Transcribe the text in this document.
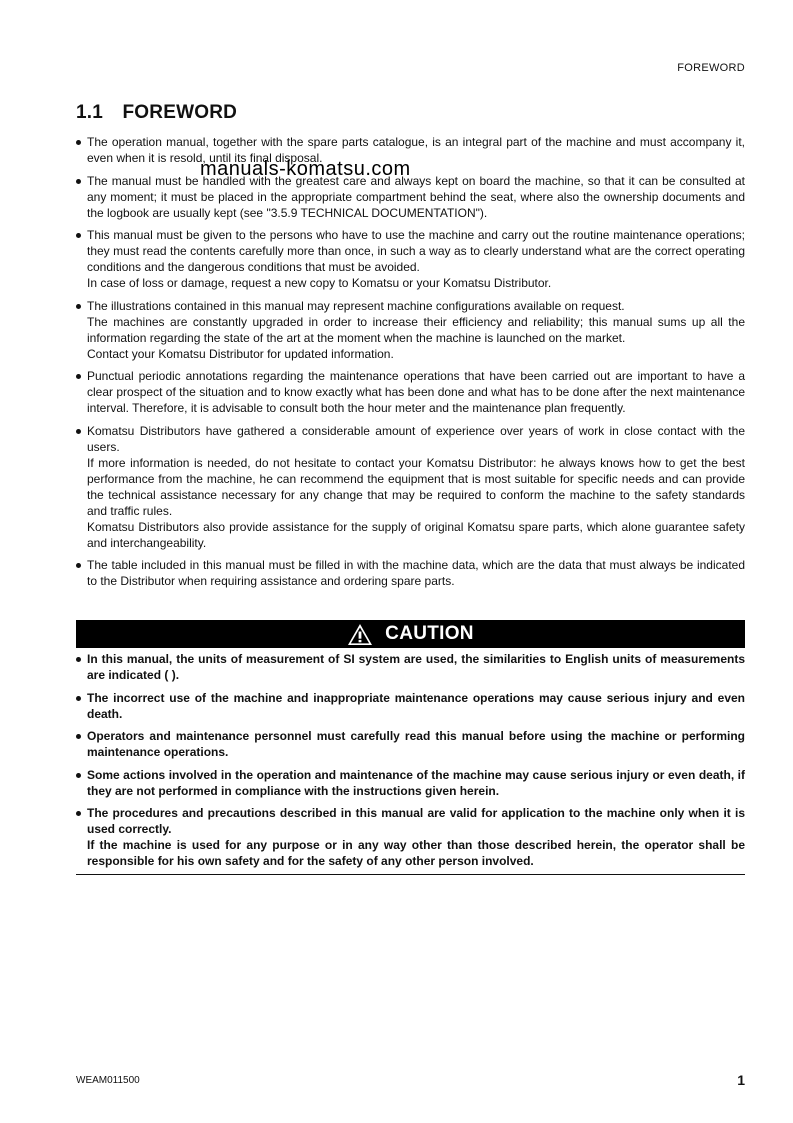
FOREWORD
1.1 FOREWORD
manuals-komatsu.com
The operation manual, together with the spare parts catalogue, is an integral part of the machine and must accompany it, even when it is resold, until its final disposal.
The manual must be handled with the greatest care and always kept on board the machine, so that it can be consulted at any moment; it must be placed in the appropriate compartment behind the seat, where also the ownership documents and the logbook are usually kept (see "3.5.9 TECHNICAL DOCUMENTATION").
This manual must be given to the persons who have to use the machine and carry out the routine maintenance operations; they must read the contents carefully more than once, in such a way as to clearly understand what are the correct operating conditions and the dangerous conditions that must be avoided.
In case of loss or damage, request a new copy to Komatsu or your Komatsu Distributor.
The illustrations contained in this manual may represent machine configurations available on request.
The machines are constantly upgraded in order to increase their efficiency and reliability; this manual sums up all the information regarding the state of the art at the moment when the machine is launched on the market.
Contact your Komatsu Distributor for updated information.
Punctual periodic annotations regarding the maintenance operations that have been carried out are important to have a clear prospect of the situation and to know exactly what has been done and what has to be done after the next maintenance interval. Therefore, it is advisable to consult both the hour meter and the maintenance plan frequently.
Komatsu Distributors have gathered a considerable amount of experience over years of work in close contact with the users.
If more information is needed, do not hesitate to contact your Komatsu Distributor: he always knows how to get the best performance from the machine, he can recommend the equipment that is most suitable for specific needs and can provide the technical assistance necessary for any change that may be required to conform the machine to the safety standards and traffic rules.
Komatsu Distributors also provide assistance for the supply of original Komatsu spare parts, which alone guarantee safety and interchangeability.
The table included in this manual must be filled in with the machine data, which are the data that must always be indicated to the Distributor when requiring assistance and ordering spare parts.
CAUTION
In this manual, the units of measurement of SI system are used, the similarities to English units of measurements are indicated ( ).
The incorrect use of the machine and inappropriate maintenance operations may cause serious injury and even death.
Operators and maintenance personnel must carefully read this manual before using the machine or performing maintenance operations.
Some actions involved in the operation and maintenance of the machine may cause serious injury or even death, if they are not performed in compliance with the instructions given herein.
The procedures and precautions described in this manual are valid for application to the machine only when it is used correctly.
If the machine is used for any purpose or in any way other than those described herein, the operator shall be responsible for his own safety and for the safety of any other person involved.
WEAM011500	1
